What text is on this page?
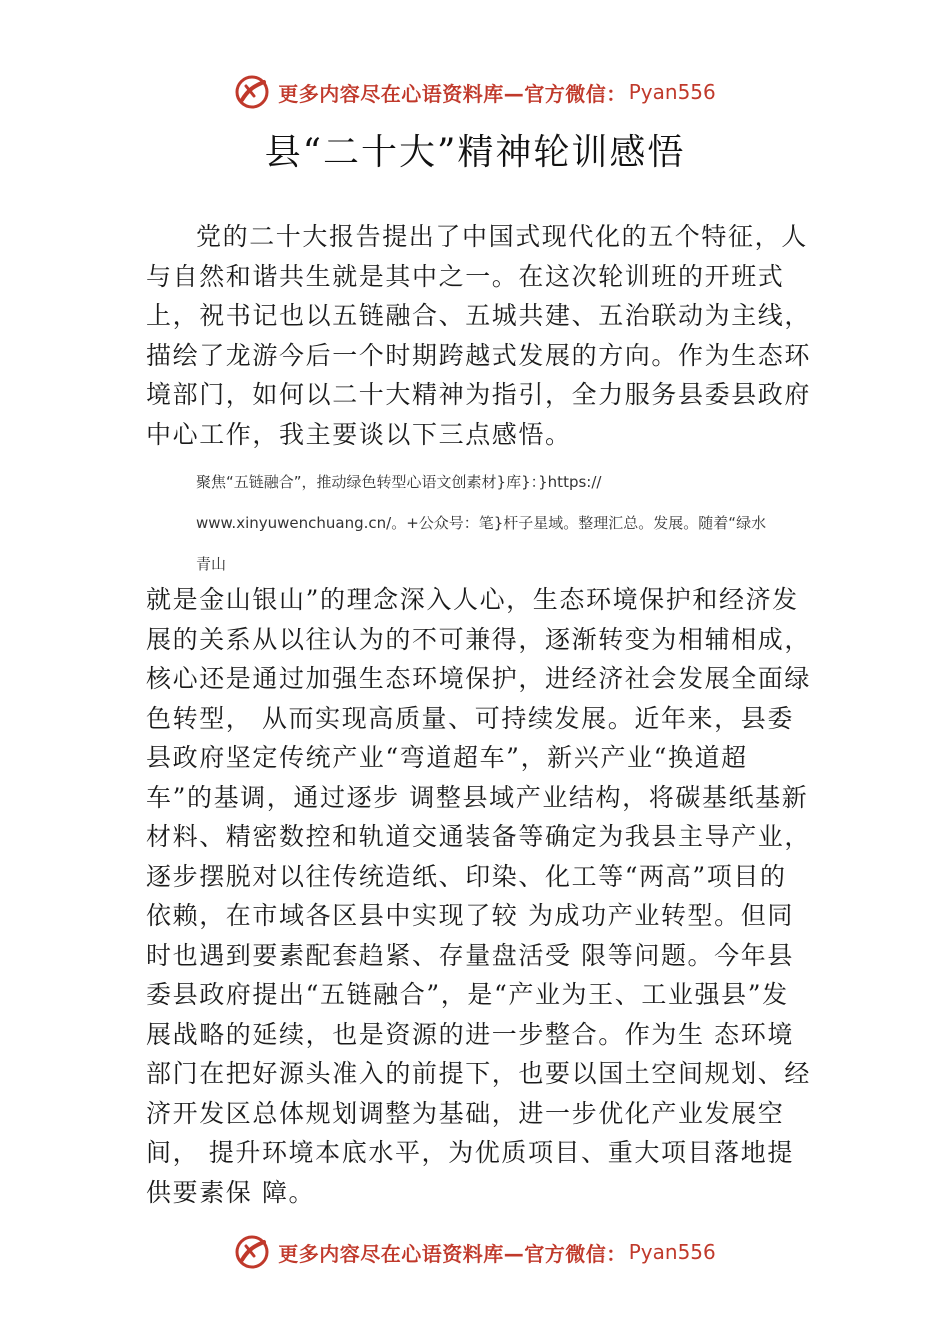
更多内容尽在心语资料库—官方微信： Pyan556
县“二十大”精神轮训感悟

党的二十大报告提出了中国式现代化的五个特征，人与自然和谐共生就是其中之一。在这次轮训班的开班式上，祝书记也以五链融合、五城共建、五治联动为主线，描绘了龙游今后一个时期跨越式发展的方向。作为生态环境部门，如何以二十大精神为指引，全力服务县委县政府中心工作，我主要谈以下三点感悟。

聚焦“五链融合”，推动绿色转型心语文创素材}库}：}https://

www.xinyuwenchuang.cn/。+公众号：笔}杆子星域。整理汇总。发展。随着“绿水

青山

就是金山银山”的理念深入人心，生态环境保护和经济发展的关系从以往认为的不可兼得，逐渐转变为相辅相成，核心还是通过加强生态环境保护，进经济社会发展全面绿色转型， 从而实现高质量、可持续发展。近年来，县委县政府坚定传统产业“弯道超车”，新兴产业“换道超车”的基调，通过逐步 调整县域产业结构，将碳基纸基新材料、精密数控和轨道交通装备等确定为我县主导产业，逐步摆脱对以往传统造纸、印染、化工等“两高”项目的依赖，在市域各区县中实现了较 为成功产业转型。但同时也遇到要素配套趋紧、存量盘活受 限等问题。今年县委县政府提出“五链融合”，是“产业为王、工业强县”发展战略的延续，也是资源的进一步整合。作为生 态环境部门在把好源头准入的前提下，也要以国土空间规划、经济开发区总体规划调整为基础，进一步优化产业发展空间， 提升环境本底水平，为优质项目、重大项目落地提供要素保 障。

更多内容尽在心语资料库—官方微信： Pyan556
